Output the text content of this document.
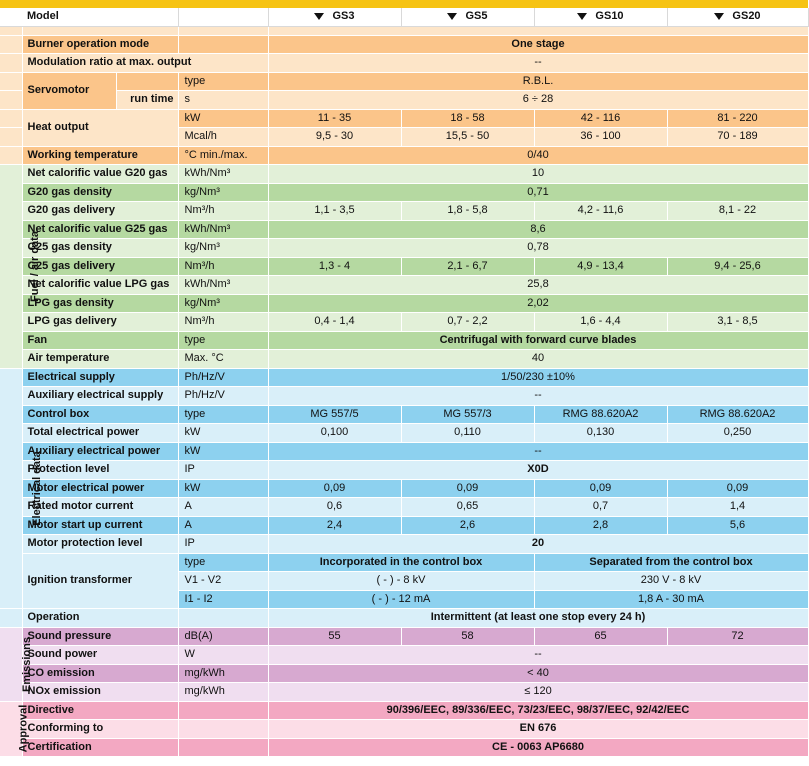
	Model			GS3	GS5	GS10	GS20

	Burner operation mode			One stage			
	Modulation ratio at max. output			--			
	Servomotor		type	R.B.L.			
		run time	s	6 ÷ 28			
	Heat output		kW	11 - 35	18 - 58	42 - 116	81 - 220
			Mcal/h	9,5 - 30	15,5 - 50	36 - 100	70 - 189
	Working temperature		°C min./max.	0/40			
Fuel / air data	Net calorific value G20 gas		kWh/Nm³	10			
	G20 gas density		kg/Nm³	0,71			
	G20 gas delivery		Nm³/h	1,1 - 3,5	1,8 - 5,8	4,2 - 11,6	8,1 - 22
	Net calorific value G25 gas		kWh/Nm³	8,6			
	G25 gas density		kg/Nm³	0,78			
	G25 gas delivery		Nm³/h	1,3 - 4	2,1 - 6,7	4,9 - 13,4	9,4 - 25,6
	Net calorific value LPG gas		kWh/Nm³	25,8			
	LPG gas density		kg/Nm³	2,02			
	LPG gas delivery		Nm³/h	0,4 - 1,4	0,7 - 2,2	1,6 - 4,4	3,1 - 8,5
	Fan		type	Centrifugal with forward curve blades			
	Air temperature		Max. °C	40			
Electrical data	Electrical supply		Ph/Hz/V	1/50/230 ±10%			
	Auxiliary electrical supply		Ph/Hz/V	--			
	Control box		type	MG 557/5	MG 557/3	RMG 88.620A2	RMG 88.620A2
	Total electrical power		kW	0,100	0,110	0,130	0,250
	Auxiliary electrical power		kW	--			
	Protection level		IP	X0D			
	Motor electrical power		kW	0,09	0,09	0,09	0,09
	Rated motor current		A	0,6	0,65	0,7	1,4
	Motor start up current		A	2,4	2,6	2,8	5,6
	Motor protection level		IP	20			
	Ignition transformer		type	Incorporated in the control box		Separated from the control box	
			V1 - V2	( - ) - 8 kV		230 V - 8 kV	
			I1 - I2	( - ) - 12 mA		1,8 A - 30 mA	
	Operation			Intermittent (at least one stop every 24 h)			
Emissions	Sound pressure		dB(A)	55	58	65	72
	Sound power		W	--			
	CO emission		mg/kWh	< 40			
	NOx emission		mg/kWh	≤ 120			
Approval	Directive			90/396/EEC, 89/336/EEC, 73/23/EEC, 98/37/EEC, 92/42/EEC			
	Conforming to			EN 676			
	Certification			CE - 0063 AP6680			
